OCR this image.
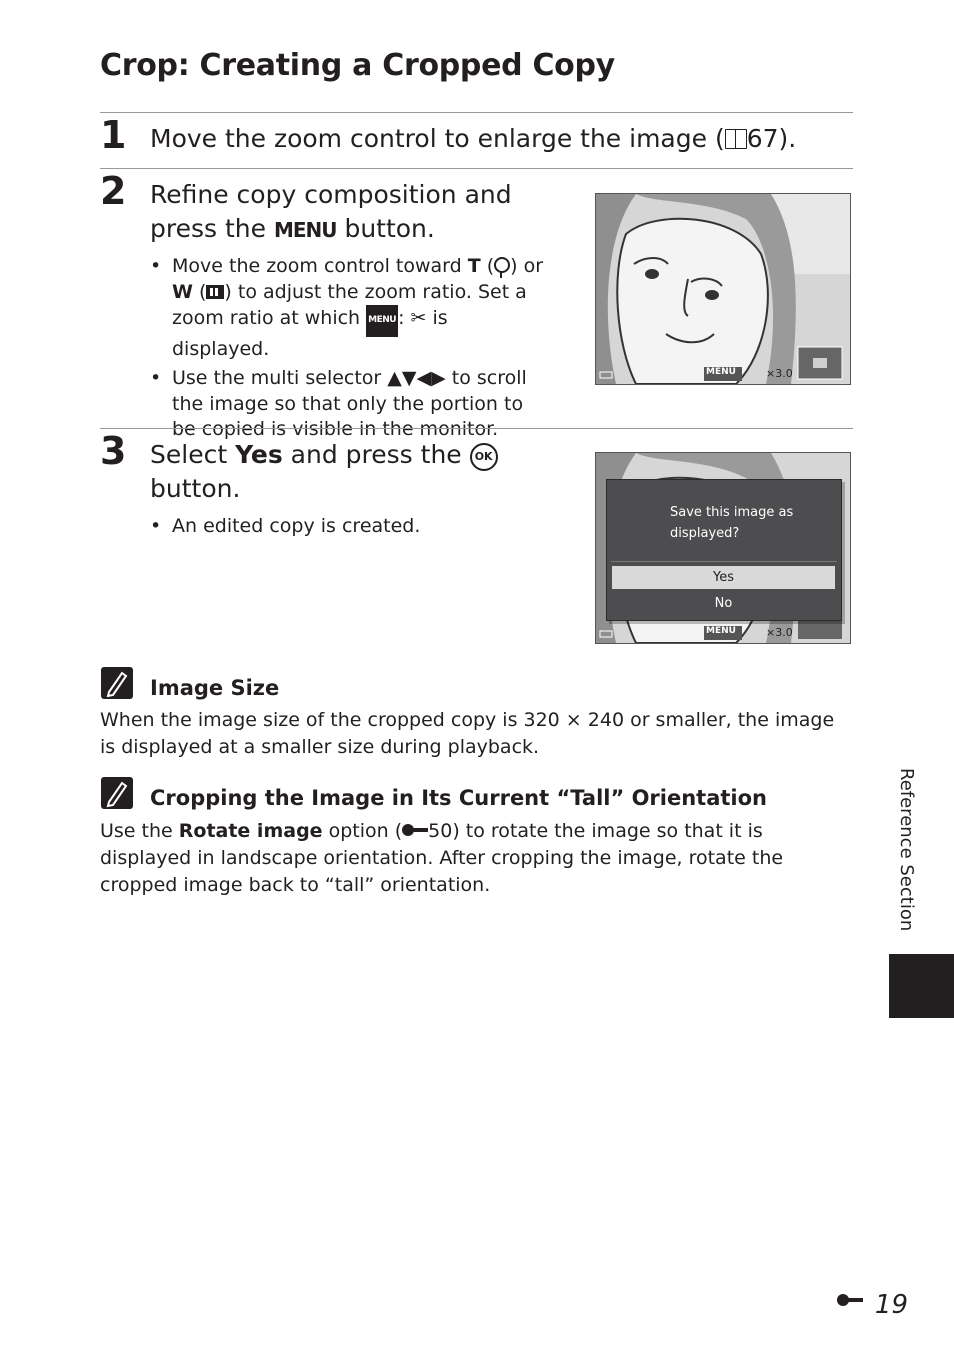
Crop: Creating a Cropped Copy
1 Move the zoom control to enlarge the image ( 67).
2 Refine copy composition and
press the MENU button.
• Move the zoom control toward T ( ) or
W ( ) to adjust the zoom ratio. Set a zoom ratio at which MENU : ✂ is displayed.
• Use the multi selector ▲▼◀▶ to scroll the image so that only the portion to be copied is visible in the monitor.
MENU	×3.0
3 Select Yes and press the OK
button.
• An edited copy is created.
MENU	×3.0
Save this image as displayed?
Yes
No
Image Size
When the image size of the cropped copy is 320 × 240 or smaller, the image is displayed at a smaller size during playback.
Cropping the Image in Its Current “Tall” Orientation
Use the Rotate image option ( 50) to rotate the image so that it is displayed in landscape orientation. After cropping the image, rotate the cropped image back to “tall” orientation.	Reference Section
19
